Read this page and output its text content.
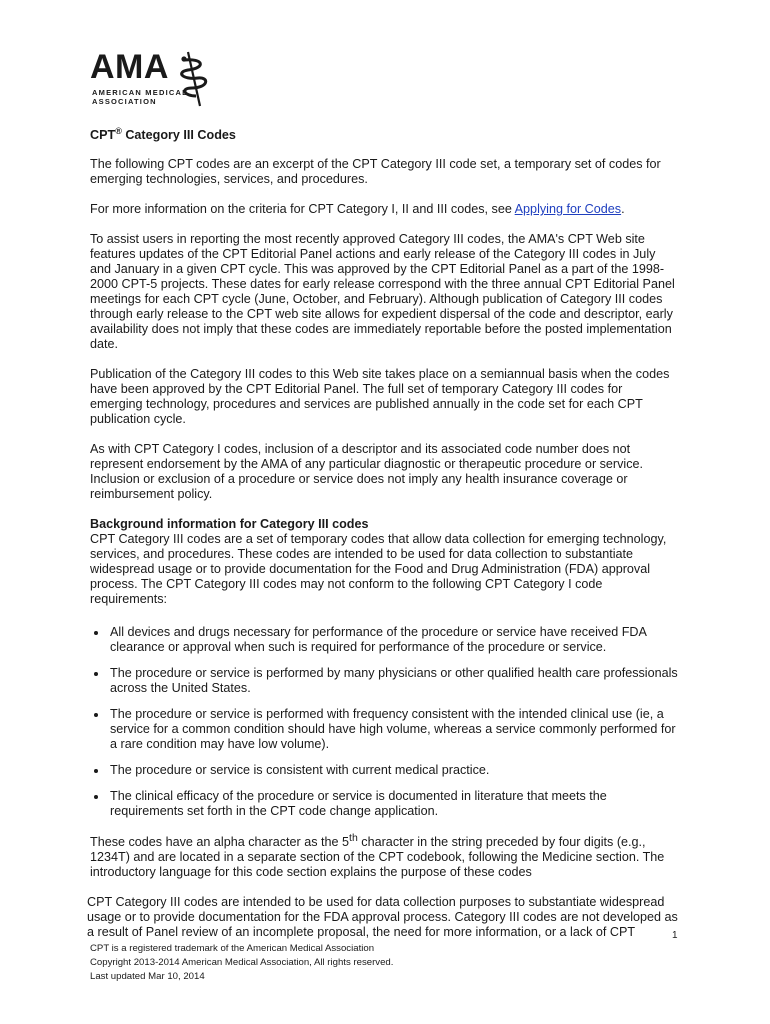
AMA
AMERICAN MEDICAL
ASSOCIATION
CPT® Category III Codes

The following CPT codes are an excerpt of the CPT Category III code set, a temporary set of codes for emerging technologies, services, and procedures.

For more information on the criteria for CPT Category I, II and III codes, see Applying for Codes.

To assist users in reporting the most recently approved Category III codes, the AMA's CPT Web site features updates of the CPT Editorial Panel actions and early release of the Category III codes in July and January in a given CPT cycle. This was approved by the CPT Editorial Panel as a part of the 1998-2000 CPT-5 projects. These dates for early release correspond with the three annual CPT Editorial Panel meetings for each CPT cycle (June, October, and February). Although publication of Category III codes through early release to the CPT web site allows for expedient dispersal of the code and descriptor, early availability does not imply that these codes are immediately reportable before the posted implementation date.

Publication of the Category III codes to this Web site takes place on a semiannual basis when the codes have been approved by the CPT Editorial Panel. The full set of temporary Category III codes for emerging technology, procedures and services are published annually in the code set for each CPT publication cycle.

As with CPT Category I codes, inclusion of a descriptor and its associated code number does not represent endorsement by the AMA of any particular diagnostic or therapeutic procedure or service. Inclusion or exclusion of a procedure or service does not imply any health insurance coverage or reimbursement policy.

Background information for Category III codes
CPT Category III codes are a set of temporary codes that allow data collection for emerging technology, services, and procedures. These codes are intended to be used for data collection to substantiate widespread usage or to provide documentation for the Food and Drug Administration (FDA) approval process. The CPT Category III codes may not conform to the following CPT Category I code requirements:
• All devices and drugs necessary for performance of the procedure or service have received FDA clearance or approval when such is required for performance of the procedure or service.
• The procedure or service is performed by many physicians or other qualified health care professionals across the United States.
• The procedure or service is performed with frequency consistent with the intended clinical use (ie, a service for a common condition should have high volume, whereas a service commonly performed for a rare condition may have low volume).
• The procedure or service is consistent with current medical practice.
• The clinical efficacy of the procedure or service is documented in literature that meets the requirements set forth in the CPT code change application.

These codes have an alpha character as the 5th character in the string preceded by four digits (e.g., 1234T) and are located in a separate section of the CPT codebook, following the Medicine section. The introductory language for this code section explains the purpose of these codes

CPT Category III codes are intended to be used for data collection purposes to substantiate widespread usage or to provide documentation for the FDA approval process. Category III codes are not developed as a result of Panel review of an incomplete proposal, the need for more information, or a lack of CPT	1
CPT is a registered trademark of the American Medical Association
Copyright 2013-2014 American Medical Association, All rights reserved.
Last updated Mar 10, 2014
